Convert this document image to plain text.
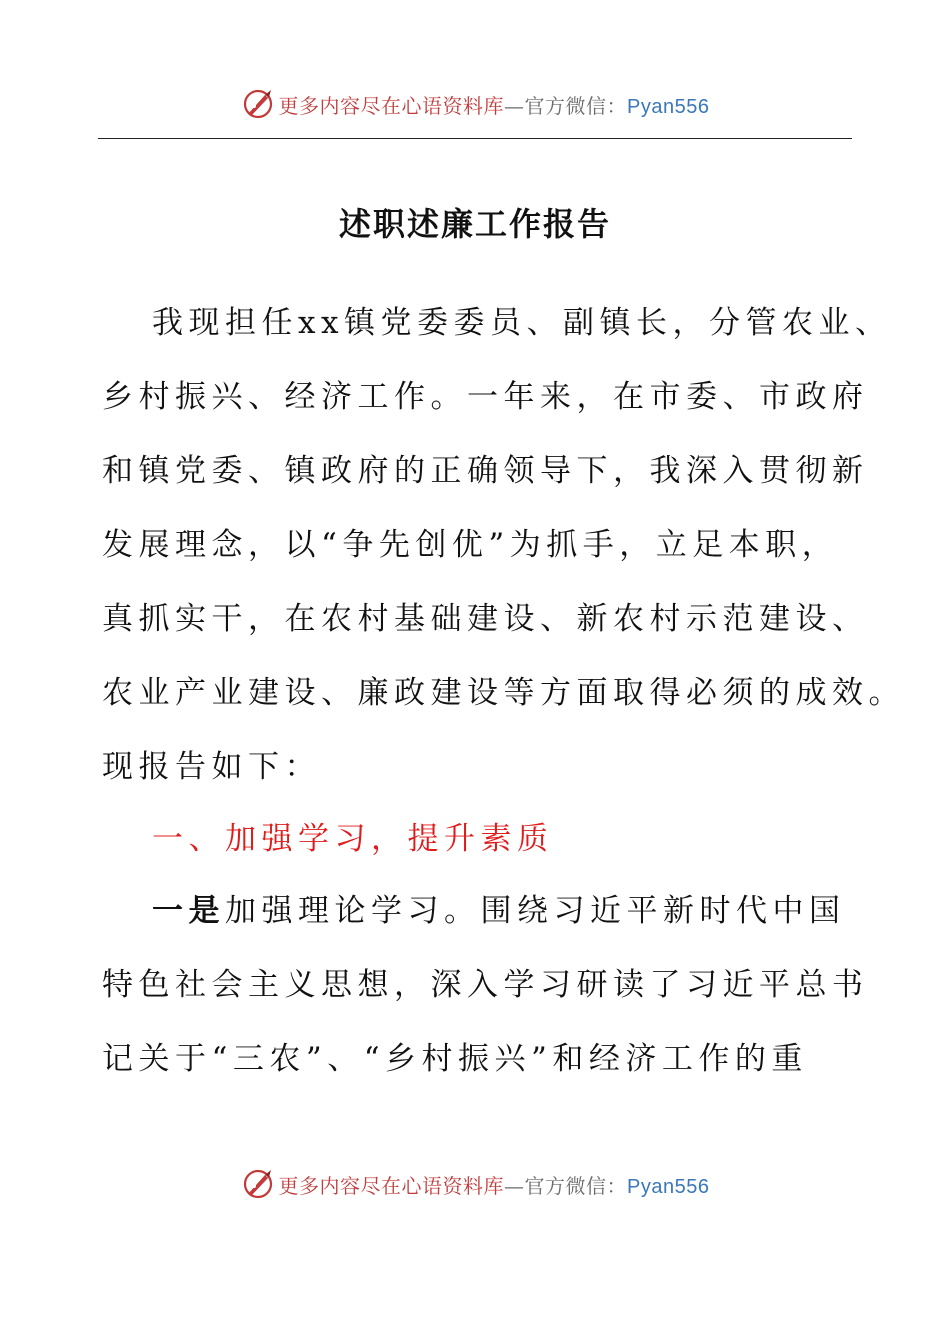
更多内容尽在心语资料库—官方微信：Pyan556
述职述廉工作报告
我现担任xx镇党委委员、副镇长，分管农业、
乡村振兴、经济工作。一年来，在市委、市政府
和镇党委、镇政府的正确领导下，我深入贯彻新
发展理念，以“争先创优”为抓手，立足本职，
真抓实干，在农村基础建设、新农村示范建设、
农业产业建设、廉政建设等方面取得必须的成效。
现报告如下：
一、加强学习，提升素质
一是加强理论学习。围绕习近平新时代中国
特色社会主义思想，深入学习研读了习近平总书
记关于“三农”、“乡村振兴”和经济工作的重
更多内容尽在心语资料库—官方微信：Pyan556
